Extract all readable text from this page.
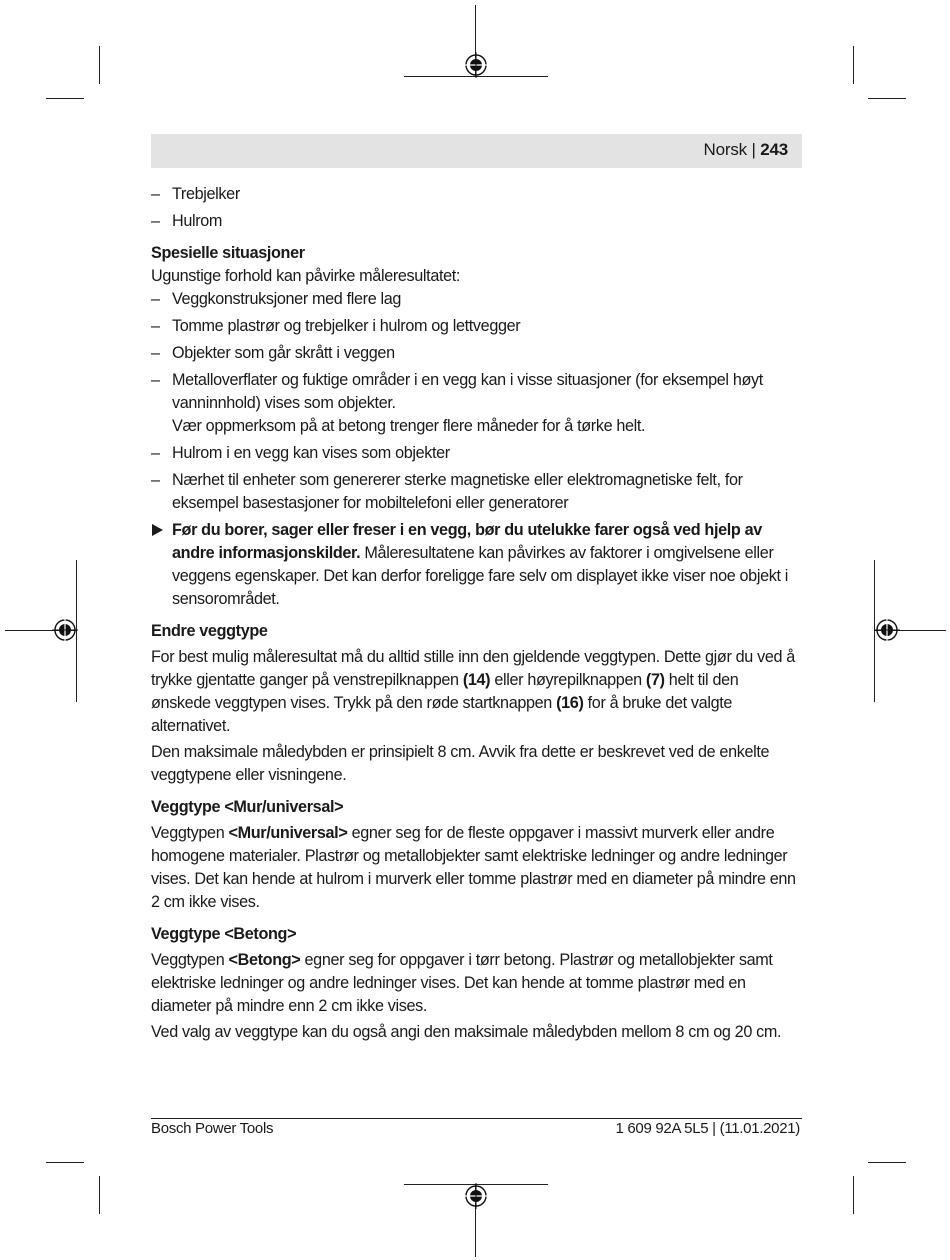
Norsk | 243
– Trebjelker
– Hulrom
Spesielle situasjoner

Ugunstige forhold kan påvirke måleresultatet:

– Veggkonstruksjoner med flere lag
– Tomme plastrør og trebjelker i hulrom og lettvegger
– Objekter som går skrått i veggen
– Metalloverflater og fuktige områder i en vegg kan i visse situasjoner (for eksempel høyt vanninnhold) vises som objekter.
Vær oppmerksom på at betong trenger flere måneder for å tørke helt.
– Hulrom i en vegg kan vises som objekter
– Nærhet til enheter som genererer sterke magnetiske eller elektromagnetiske felt, for eksempel basestasjoner for mobiltelefoni eller generatorer
Før du borer, sager eller freser i en vegg, bør du utelukke farer også ved hjelp av andre informasjonskilder. Måleresultatene kan påvirkes av faktorer i omgivelsene eller veggens egenskaper. Det kan derfor foreligge fare selv om displayet ikke viser noe objekt i sensorområdet.
Endre veggtype

For best mulig måleresultat må du alltid stille inn den gjeldende veggtypen. Dette gjør du ved å trykke gjentatte ganger på venstrepilknappen (14) eller høyrepilknappen (7) helt til den ønskede veggtypen vises. Trykk på den røde startknappen (16) for å bruke det valgte alternativet.

Den maksimale måledybden er prinsipielt 8 cm. Avvik fra dette er beskrevet ved de enkelte veggtypene eller visningene.

Veggtype <Mur/universal>

Veggtypen <Mur/universal> egner seg for de fleste oppgaver i massivt murverk eller andre homogene materialer. Plastrør og metallobjekter samt elektriske ledninger og andre ledninger vises. Det kan hende at hulrom i murverk eller tomme plastrør med en diameter på mindre enn 2 cm ikke vises.

Veggtype <Betong>

Veggtypen <Betong> egner seg for oppgaver i tørr betong. Plastrør og metallobjekter samt elektriske ledninger og andre ledninger vises. Det kan hende at tomme plastrør med en diameter på mindre enn 2 cm ikke vises.

Ved valg av veggtype kan du også angi den maksimale måledybden mellom 8 cm og 20 cm.

Bosch Power Tools	1 609 92A 5L5 | (11.01.2021)
